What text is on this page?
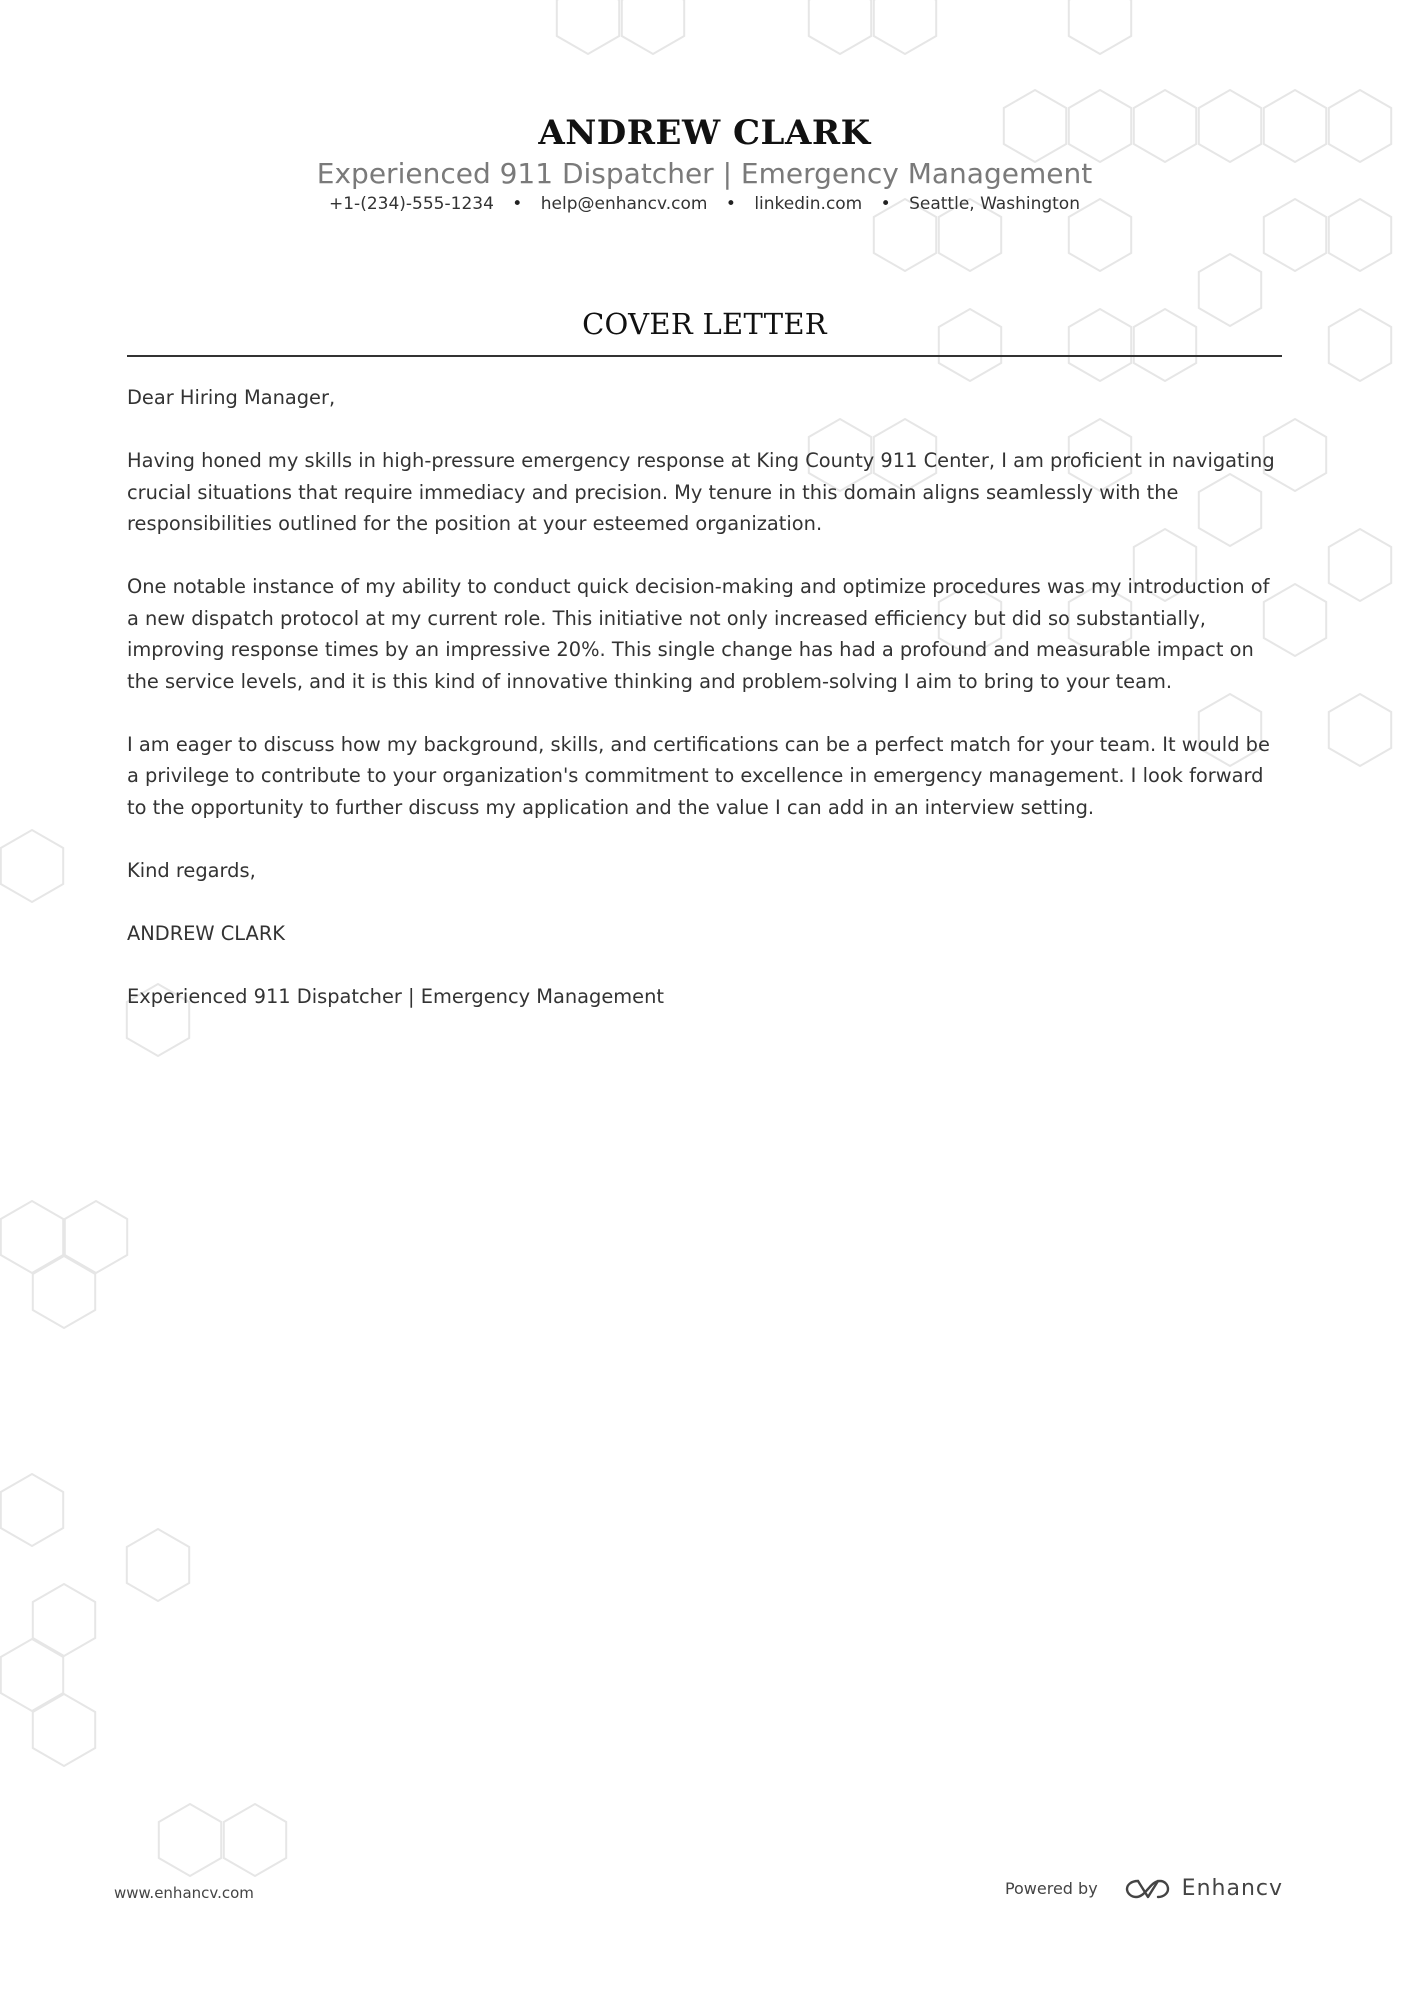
ANDREW CLARK
Experienced 911 Dispatcher | Emergency Management
+1-(234)-555-1234 • help@enhancv.com • linkedin.com • Seattle, Washington
COVER LETTER

Dear Hiring Manager,

Having honed my skills in high-pressure emergency response at King County 911 Center, I am proficient in navigating crucial situations that require immediacy and precision. My tenure in this domain aligns seamlessly with the responsibilities outlined for the position at your esteemed organization.

One notable instance of my ability to conduct quick decision-making and optimize procedures was my introduction of a new dispatch protocol at my current role. This initiative not only increased efficiency but did so substantially, improving response times by an impressive 20%. This single change has had a profound and measurable impact on the service levels, and it is this kind of innovative thinking and problem-solving I aim to bring to your team.

I am eager to discuss how my background, skills, and certifications can be a perfect match for your team. It would be a privilege to contribute to your organization's commitment to excellence in emergency management. I look forward to the opportunity to further discuss my application and the value I can add in an interview setting.

Kind regards,

ANDREW CLARK

Experienced 911 Dispatcher | Emergency Management

www.enhancv.com	Powered by	Enhancv
